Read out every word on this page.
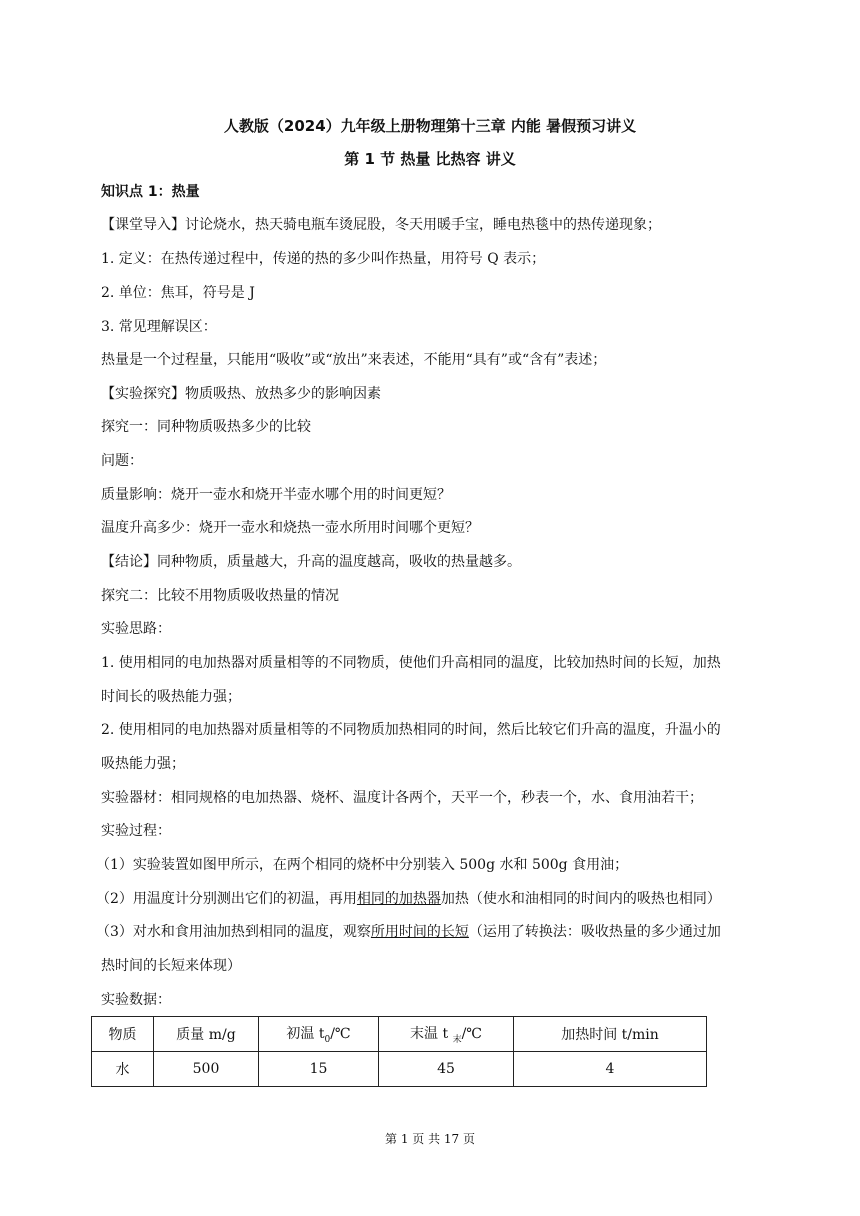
人教版（2024）九年级上册物理第十三章 内能 暑假预习讲义
第 1 节 热量 比热容 讲义
知识点 1：热量
【课堂导入】讨论烧水，热天骑电瓶车烫屁股，冬天用暖手宝，睡电热毯中的热传递现象；
1. 定义：在热传递过程中，传递的热的多少叫作热量，用符号 Q 表示；
2. 单位：焦耳，符号是 J
3. 常见理解误区：
热量是一个过程量，只能用“吸收”或“放出”来表述，不能用“具有”或“含有”表述；
【实验探究】物质吸热、放热多少的影响因素
探究一：同种物质吸热多少的比较
问题：
质量影响：烧开一壶水和烧开半壶水哪个用的时间更短？
温度升高多少：烧开一壶水和烧热一壶水所用时间哪个更短？
【结论】同种物质，质量越大，升高的温度越高，吸收的热量越多。
探究二：比较不用物质吸收热量的情况
实验思路：
1. 使用相同的电加热器对质量相等的不同物质，使他们升高相同的温度，比较加热时间的长短，加热
时间长的吸热能力强；
2. 使用相同的电加热器对质量相等的不同物质加热相同的时间，然后比较它们升高的温度，升温小的
吸热能力强；
实验器材：相同规格的电加热器、烧杯、温度计各两个，天平一个，秒表一个，水、食用油若干；
实验过程：
（1）实验装置如图甲所示，在两个相同的烧杯中分别装入 500g 水和 500g 食用油；
（2）用温度计分别测出它们的初温，再用相同的加热器加热（使水和油相同的时间内的吸热也相同）
（3）对水和食用油加热到相同的温度，观察所用时间的长短（运用了转换法：吸收热量的多少通过加
热时间的长短来体现）
实验数据：
物质	质量 m/g	初温 $t_0/℃$	末温 t $_末$/℃	加热时间 t/min
水	500	15	45	4
第 1 页 共 17 页
